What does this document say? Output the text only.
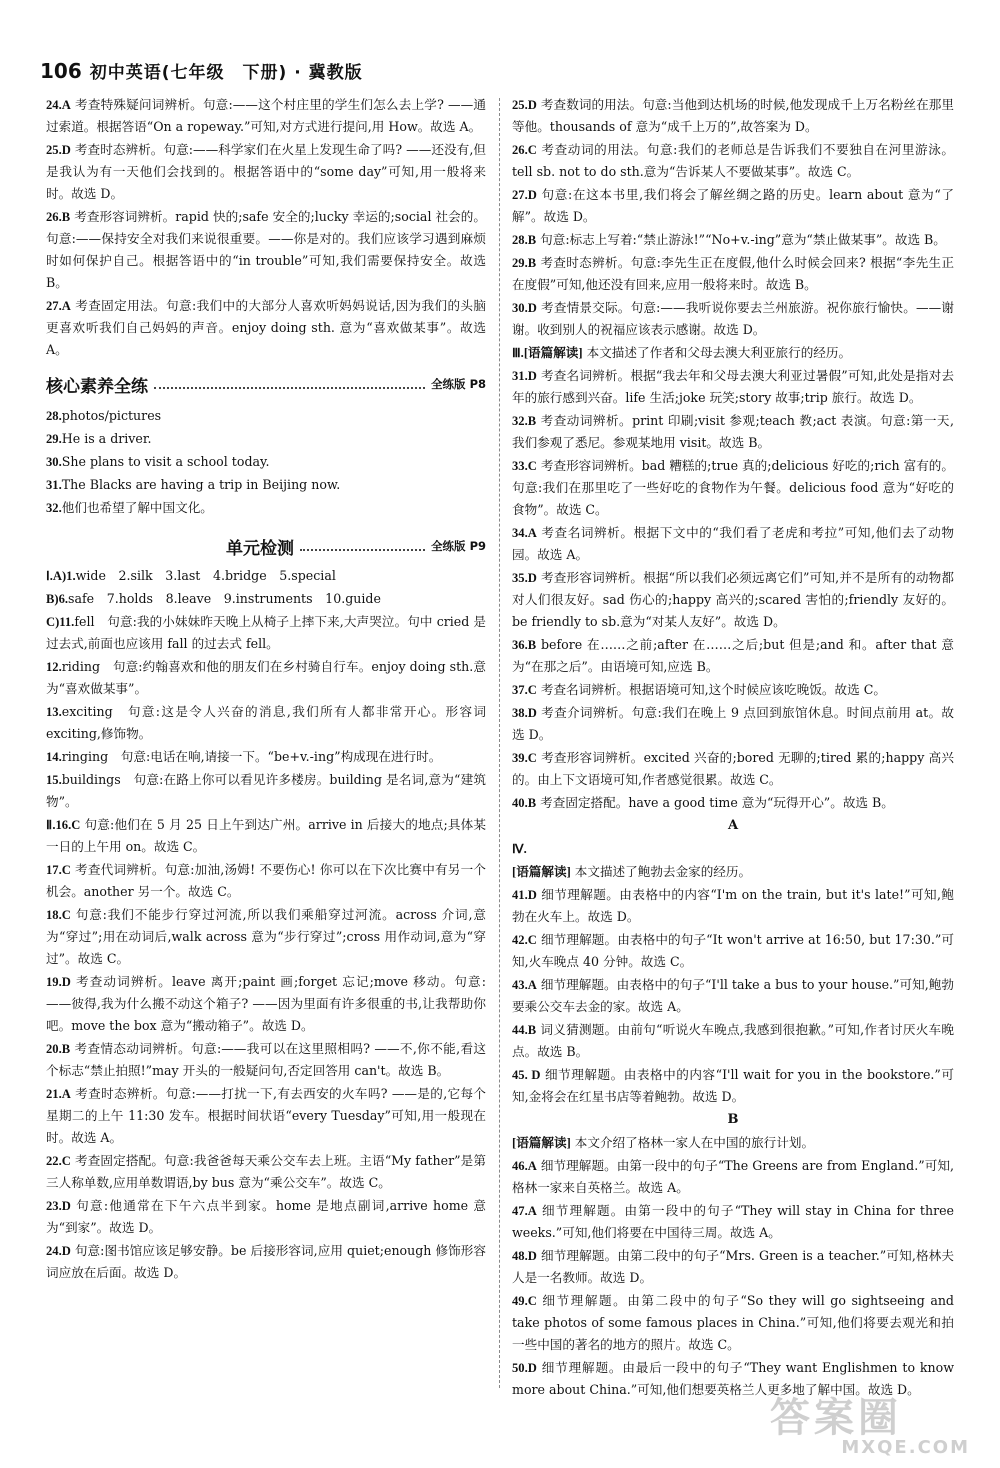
106 初中英语(七年级　下册) · 冀教版

24.A 考查特殊疑问词辨析。句意:——这个村庄里的学生们怎么去上学? ——通过索道。根据答语“On a ropeway.”可知,对方式进行提问,用 How。故选 A。

25.D 考查时态辨析。句意:——科学家们在火星上发现生命了吗? ——还没有,但是我认为有一天他们会找到的。根据答语中的“some day”可知,用一般将来时。故选 D。

26.B 考查形容词辨析。rapid 快的;safe 安全的;lucky 幸运的;social 社会的。句意:——保持安全对我们来说很重要。——你是对的。我们应该学习遇到麻烦时如何保护自己。根据答语中的“in trouble”可知,我们需要保持安全。故选 B。

27.A 考查固定用法。句意:我们中的大部分人喜欢听妈妈说话,因为我们的头脑更喜欢听我们自己妈妈的声音。enjoy doing sth. 意为“喜欢做某事”。故选 A。

核心素养全练	全练版 P8

28.photos/pictures

29.He is a driver.

30.She plans to visit a school today.

31.The Blacks are having a trip in Beijing now.

32.他们也希望了解中国文化。

单元检测	全练版 P9

Ⅰ.A)1.wide　2.silk　3.last　4.bridge　5.special

B)6.safe　7.holds　8.leave　9.instruments　10.guide

C)11.fell　句意:我的小妹妹昨天晚上从椅子上摔下来,大声哭泣。句中 cried 是过去式,前面也应该用 fall 的过去式 fell。

12.riding　句意:约翰喜欢和他的朋友们在乡村骑自行车。enjoy doing sth.意为“喜欢做某事”。

13.exciting　句意:这是令人兴奋的消息,我们所有人都非常开心。形容词 exciting,修饰物。

14.ringing　句意:电话在响,请接一下。“be+v.-ing”构成现在进行时。

15.buildings　句意:在路上你可以看见许多楼房。building 是名词,意为“建筑物”。

Ⅱ.16.C 句意:他们在 5 月 25 日上午到达广州。arrive in 后接大的地点;具体某一日的上午用 on。故选 C。

17.C 考查代词辨析。句意:加油,汤姆! 不要伤心! 你可以在下次比赛中有另一个机会。another 另一个。故选 C。

18.C 句意:我们不能步行穿过河流,所以我们乘船穿过河流。across 介词,意为“穿过”;用在动词后,walk across 意为“步行穿过”;cross 用作动词,意为“穿过”。故选 C。

19.D 考查动词辨析。leave 离开;paint 画;forget 忘记;move 移动。句意:——彼得,我为什么搬不动这个箱子? ——因为里面有许多很重的书,让我帮助你吧。move the box 意为“搬动箱子”。故选 D。

20.B 考查情态动词辨析。句意:——我可以在这里照相吗? ——不,你不能,看这个标志“禁止拍照!”may 开头的一般疑问句,否定回答用 can't。故选 B。

21.A 考查时态辨析。句意:——打扰一下,有去西安的火车吗? ——是的,它每个星期二的上午 11:30 发车。根据时间状语“every Tuesday”可知,用一般现在时。故选 A。

22.C 考查固定搭配。句意:我爸爸每天乘公交车去上班。主语“My father”是第三人称单数,应用单数谓语,by bus 意为“乘公交车”。故选 C。

23.D 句意:他通常在下午六点半到家。home 是地点副词,arrive home 意为“到家”。故选 D。

24.D 句意:图书馆应该足够安静。be 后接形容词,应用 quiet;enough 修饰形容词应放在后面。故选 D。

25.D 考查数词的用法。句意:当他到达机场的时候,他发现成千上万名粉丝在那里等他。thousands of 意为“成千上万的”,故答案为 D。

26.C 考查动词的用法。句意:我们的老师总是告诉我们不要独自在河里游泳。tell sb. not to do sth.意为“告诉某人不要做某事”。故选 C。

27.D 句意:在这本书里,我们将会了解丝绸之路的历史。learn about 意为“了解”。故选 D。

28.B 句意:标志上写着:“禁止游泳!”“No+v.-ing”意为“禁止做某事”。故选 B。

29.B 考查时态辨析。句意:李先生正在度假,他什么时候会回来? 根据“李先生正在度假”可知,他还没有回来,应用一般将来时。故选 B。

30.D 考查情景交际。句意:——我听说你要去兰州旅游。祝你旅行愉快。——谢谢。收到别人的祝福应该表示感谢。故选 D。

Ⅲ.[语篇解读] 本文描述了作者和父母去澳大利亚旅行的经历。

31.D 考查名词辨析。根据“我去年和父母去澳大利亚过暑假”可知,此处是指对去年的旅行感到兴奋。life 生活;joke 玩笑;story 故事;trip 旅行。故选 D。

32.B 考查动词辨析。print 印刷;visit 参观;teach 教;act 表演。句意:第一天,我们参观了悉尼。参观某地用 visit。故选 B。

33.C 考查形容词辨析。bad 糟糕的;true 真的;delicious 好吃的;rich 富有的。句意:我们在那里吃了一些好吃的食物作为午餐。delicious food 意为“好吃的食物”。故选 C。

34.A 考查名词辨析。根据下文中的“我们看了老虎和考拉”可知,他们去了动物园。故选 A。

35.D 考查形容词辨析。根据“所以我们必须远离它们”可知,并不是所有的动物都对人们很友好。sad 伤心的;happy 高兴的;scared 害怕的;friendly 友好的。be friendly to sb.意为“对某人友好”。故选 D。

36.B before 在……之前;after 在……之后;but 但是;and 和。after that 意为“在那之后”。由语境可知,应选 B。

37.C 考查名词辨析。根据语境可知,这个时候应该吃晚饭。故选 C。

38.D 考查介词辨析。句意:我们在晚上 9 点回到旅馆休息。时间点前用 at。故选 D。

39.C 考查形容词辨析。excited 兴奋的;bored 无聊的;tired 累的;happy 高兴的。由上下文语境可知,作者感觉很累。故选 C。

40.B 考查固定搭配。have a good time 意为“玩得开心”。故选 B。

A

Ⅳ.

[语篇解读] 本文描述了鲍勃去金家的经历。

41.D 细节理解题。由表格中的内容“I'm on the train, but it's late!”可知,鲍勃在火车上。故选 D。

42.C 细节理解题。由表格中的句子“It won't arrive at 16:50, but 17:30.”可知,火车晚点 40 分钟。故选 C。

43.A 细节理解题。由表格中的句子“I'll take a bus to your house.”可知,鲍勃要乘公交车去金的家。故选 A。

44.B 词义猜测题。由前句“听说火车晚点,我感到很抱歉。”可知,作者讨厌火车晚点。故选 B。

45. D 细节理解题。由表格中的内容“I'll wait for you in the bookstore.”可知,金将会在红星书店等着鲍勃。故选 D。

B

[语篇解读] 本文介绍了格林一家人在中国的旅行计划。

46.A 细节理解题。由第一段中的句子“The Greens are from England.”可知,格林一家来自英格兰。故选 A。

47.A 细节理解题。由第一段中的句子“They will stay in China for three weeks.”可知,他们将要在中国待三周。故选 A。

48.D 细节理解题。由第二段中的句子“Mrs. Green is a teacher.”可知,格林夫人是一名教师。故选 D。

49.C 细节理解题。由第二段中的句子“So they will go sightseeing and take photos of some famous places in China.”可知,他们将要去观光和拍一些中国的著名的地方的照片。故选 C。

50.D 细节理解题。由最后一段中的句子“They want Englishmen to know more about China.”可知,他们想要英格兰人更多地了解中国。故选 D。

答案圈
MXQE.COM
